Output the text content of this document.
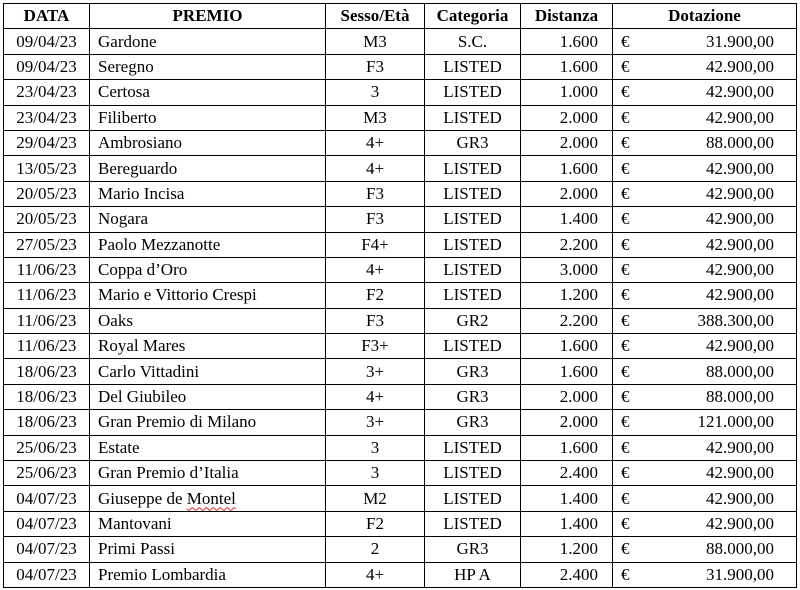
DATA	PREMIO	Sesso/Età	Categoria	Distanza	Dotazione	
09/04/23	Gardone	M3	S.C.	1.600	€	31.900,00
09/04/23	Seregno	F3	LISTED	1.600	€	42.900,00
23/04/23	Certosa	3	LISTED	1.000	€	42.900,00
23/04/23	Filiberto	M3	LISTED	2.000	€	42.900,00
29/04/23	Ambrosiano	4+	GR3	2.000	€	88.000,00
13/05/23	Bereguardo	4+	LISTED	1.600	€	42.900,00
20/05/23	Mario Incisa	F3	LISTED	2.000	€	42.900,00
20/05/23	Nogara	F3	LISTED	1.400	€	42.900,00
27/05/23	Paolo Mezzanotte	F4+	LISTED	2.200	€	42.900,00
11/06/23	Coppa d’Oro	4+	LISTED	3.000	€	42.900,00
11/06/23	Mario e Vittorio Crespi	F2	LISTED	1.200	€	42.900,00
11/06/23	Oaks	F3	GR2	2.200	€	388.300,00
11/06/23	Royal Mares	F3+	LISTED	1.600	€	42.900,00
18/06/23	Carlo Vittadini	3+	GR3	1.600	€	88.000,00
18/06/23	Del Giubileo	4+	GR3	2.000	€	88.000,00
18/06/23	Gran Premio di Milano	3+	GR3	2.000	€	121.000,00
25/06/23	Estate	3	LISTED	1.600	€	42.900,00
25/06/23	Gran Premio d’Italia	3	LISTED	2.400	€	42.900,00
04/07/23	Giuseppe de Montel	M2	LISTED	1.400	€	42.900,00
04/07/23	Mantovani	F2	LISTED	1.400	€	42.900,00
04/07/23	Primi Passi	2	GR3	1.200	€	88.000,00
04/07/23	Premio Lombardia	4+	HP A	2.400	€	31.900,00
